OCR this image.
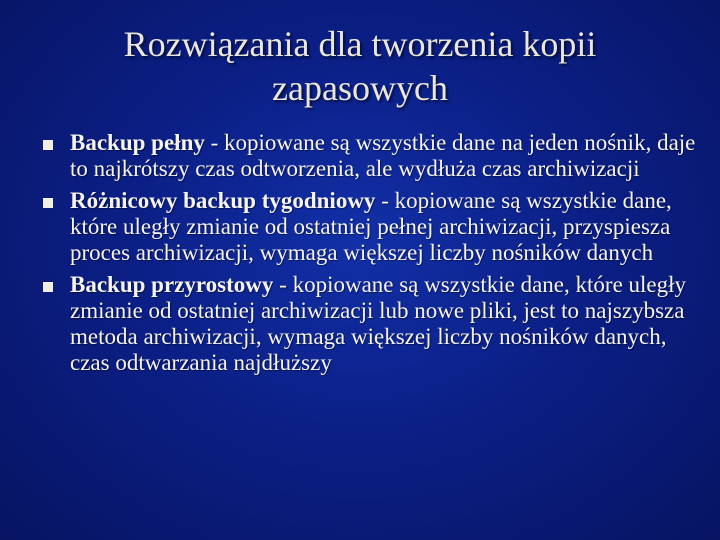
Rozwiązania dla tworzenia kopii zapasowych
Backup pełny - kopiowane są wszystkie dane na jeden nośnik, daje to najkrótszy czas odtworzenia, ale wydłuża czas archiwizacji
Różnicowy backup tygodniowy - kopiowane są wszystkie dane, które uległy zmianie od ostatniej pełnej archiwizacji, przyspiesza proces archiwizacji, wymaga większej liczby nośników danych
Backup przyrostowy - kopiowane są wszystkie dane, które uległy zmianie od ostatniej archiwizacji lub nowe pliki, jest to najszybsza metoda archiwizacji, wymaga większej liczby nośników danych, czas odtwarzania najdłuższy
